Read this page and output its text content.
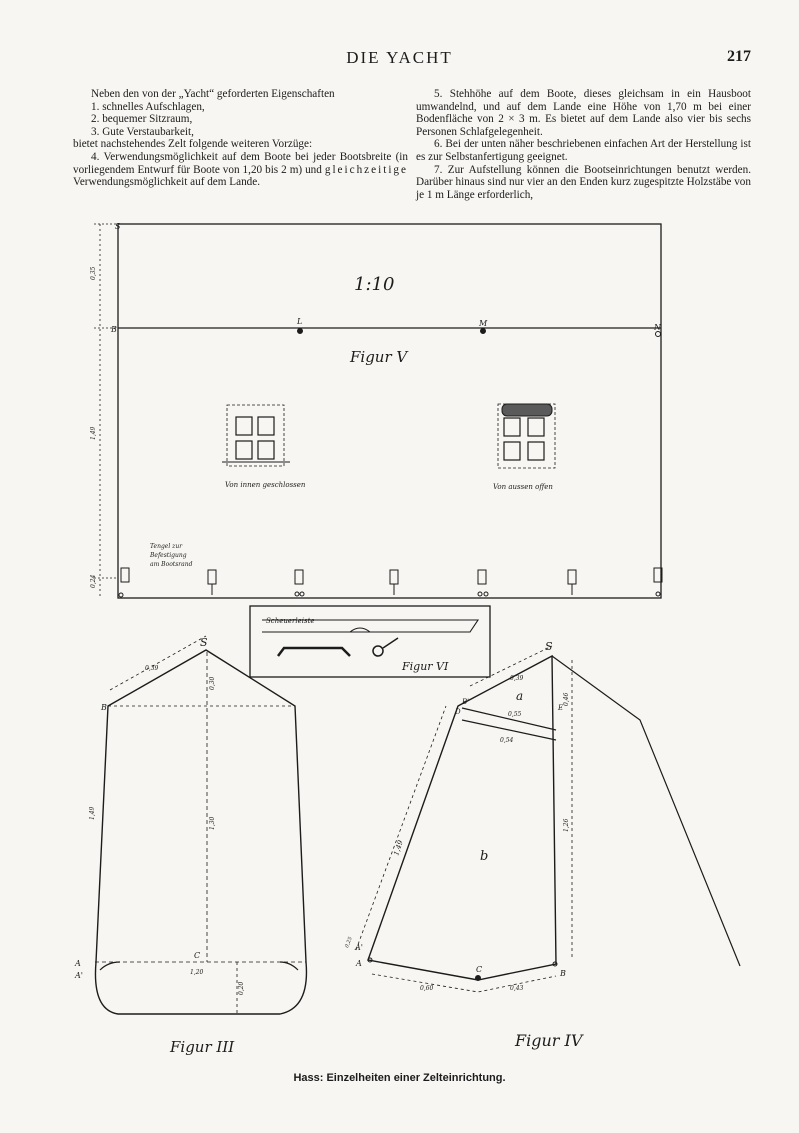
DIE YACHT	217

Neben den von der „Yacht“ geforderten Eigenschaften

1. schnelles Aufschlagen,

2. bequemer Sitzraum,

3. Gute Verstaubarkeit,

bietet nachstehendes Zelt folgende weiteren Vorzüge:

4. Verwendungsmöglichkeit auf dem Boote bei jeder Bootsbreite (in vorliegendem Entwurf für Boote von 1,20 bis 2 m) und gleichzeitige Verwendungsmöglichkeit auf dem Lande.

5. Stehhöhe auf dem Boote, dieses gleichsam in ein Hausboot umwandelnd, und auf dem Lande eine Höhe von 1,70 m bei einer Bodenfläche von 2 × 3 m. Es bietet auf dem Lande also vier bis sechs Personen Schlafgelegenheit.

6. Bei der unten näher beschriebenen einfachen Art der Herstellung ist es zur Selbstanfertigung geeignet.

7. Zur Aufstellung können die Bootseinrichtungen benutzt werden. Darüber hinaus sind nur vier an den Enden kurz zugespitzte Holzstäbe von je 1 m Länge erforderlich,

1:10
Figur V
Von innen geschlossen	Von aussen offen
Tengel zur
Befestigung
am Bootsrand
S
B
L	M	N
0,35
1,49
0,24
Scheuerleiste
Figur VI
S
B
C
A
A'
0,39
1,49
0,30
1,30
1,20
0,20
Figur III
S
B'
D	E
A'
A
C	B
a
b
0,39
0,55
0,54
0,46
1,26
1,49
0,60	0,43
0,25
Figur IV
Hass: Einzelheiten einer Zelteinrichtung.
